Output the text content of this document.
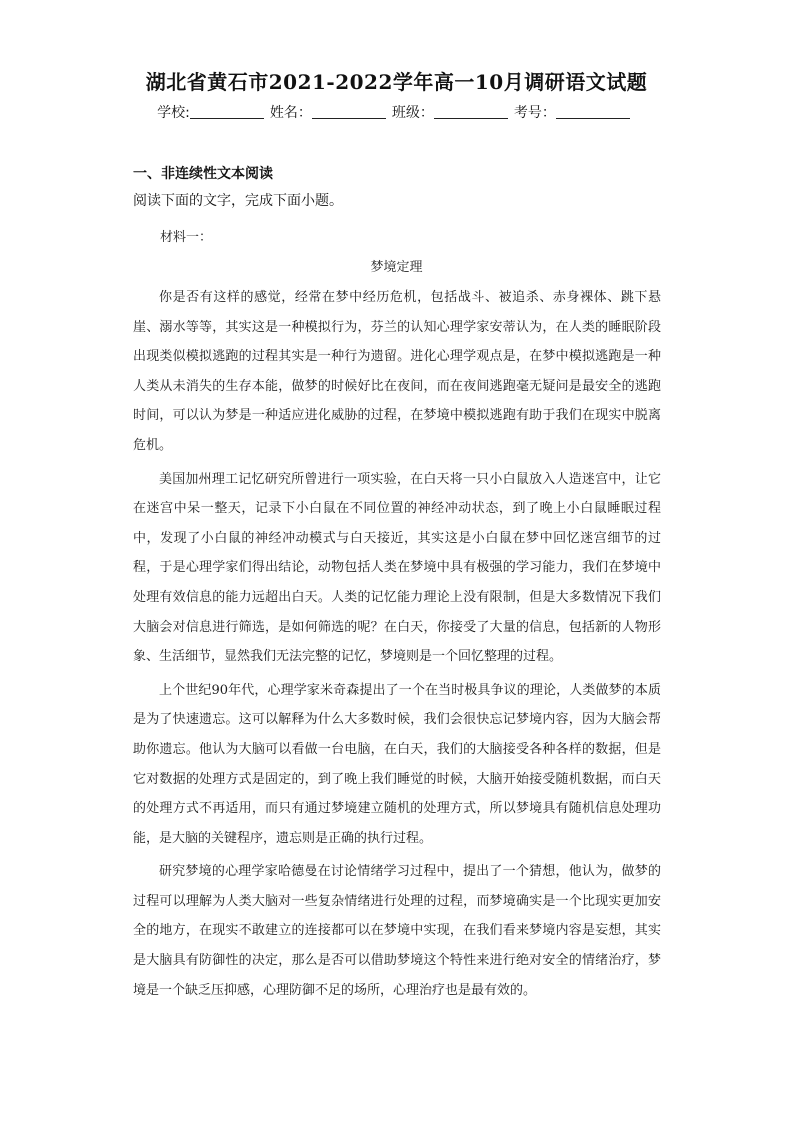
湖北省黄石市2021-2022学年高一10月调研语文试题
学校:	姓名：	班级：	考号：
一、非连续性文本阅读
阅读下面的文字，完成下面小题。
材料一：
梦境定理

你是否有这样的感觉，经常在梦中经历危机，包括战斗、被追杀、赤身裸体、跳下悬崖、溺水等等，其实这是一种模拟行为，芬兰的认知心理学家安蒂认为，在人类的睡眠阶段出现类似模拟逃跑的过程其实是一种行为遗留。进化心理学观点是，在梦中模拟逃跑是一种人类从未消失的生存本能，做梦的时候好比在夜间，而在夜间逃跑毫无疑问是最安全的逃跑时间，可以认为梦是一种适应进化威胁的过程，在梦境中模拟逃跑有助于我们在现实中脱离危机。

美国加州理工记忆研究所曾进行一项实验，在白天将一只小白鼠放入人造迷宫中，让它在迷宫中呆一整天，记录下小白鼠在不同位置的神经冲动状态，到了晚上小白鼠睡眠过程中，发现了小白鼠的神经冲动模式与白天接近，其实这是小白鼠在梦中回忆迷宫细节的过程，于是心理学家们得出结论，动物包括人类在梦境中具有极强的学习能力，我们在梦境中处理有效信息的能力远超出白天。人类的记忆能力理论上没有限制，但是大多数情况下我们大脑会对信息进行筛选，是如何筛选的呢？在白天，你接受了大量的信息，包括新的人物形象、生活细节，显然我们无法完整的记忆，梦境则是一个回忆整理的过程。

上个世纪90年代，心理学家米奇森提出了一个在当时极具争议的理论，人类做梦的本质是为了快速遗忘。这可以解释为什么大多数时候，我们会很快忘记梦境内容，因为大脑会帮助你遗忘。他认为大脑可以看做一台电脑，在白天，我们的大脑接受各种各样的数据，但是它对数据的处理方式是固定的，到了晚上我们睡觉的时候，大脑开始接受随机数据，而白天的处理方式不再适用，而只有通过梦境建立随机的处理方式，所以梦境具有随机信息处理功能，是大脑的关键程序，遗忘则是正确的执行过程。

研究梦境的心理学家哈德曼在讨论情绪学习过程中，提出了一个猜想，他认为，做梦的过程可以理解为人类大脑对一些复杂情绪进行处理的过程，而梦境确实是一个比现实更加安全的地方，在现实不敢建立的连接都可以在梦境中实现，在我们看来梦境内容是妄想，其实是大脑具有防御性的决定，那么是否可以借助梦境这个特性来进行绝对安全的情绪治疗，梦境是一个缺乏压抑感，心理防御不足的场所，心理治疗也是最有效的。
